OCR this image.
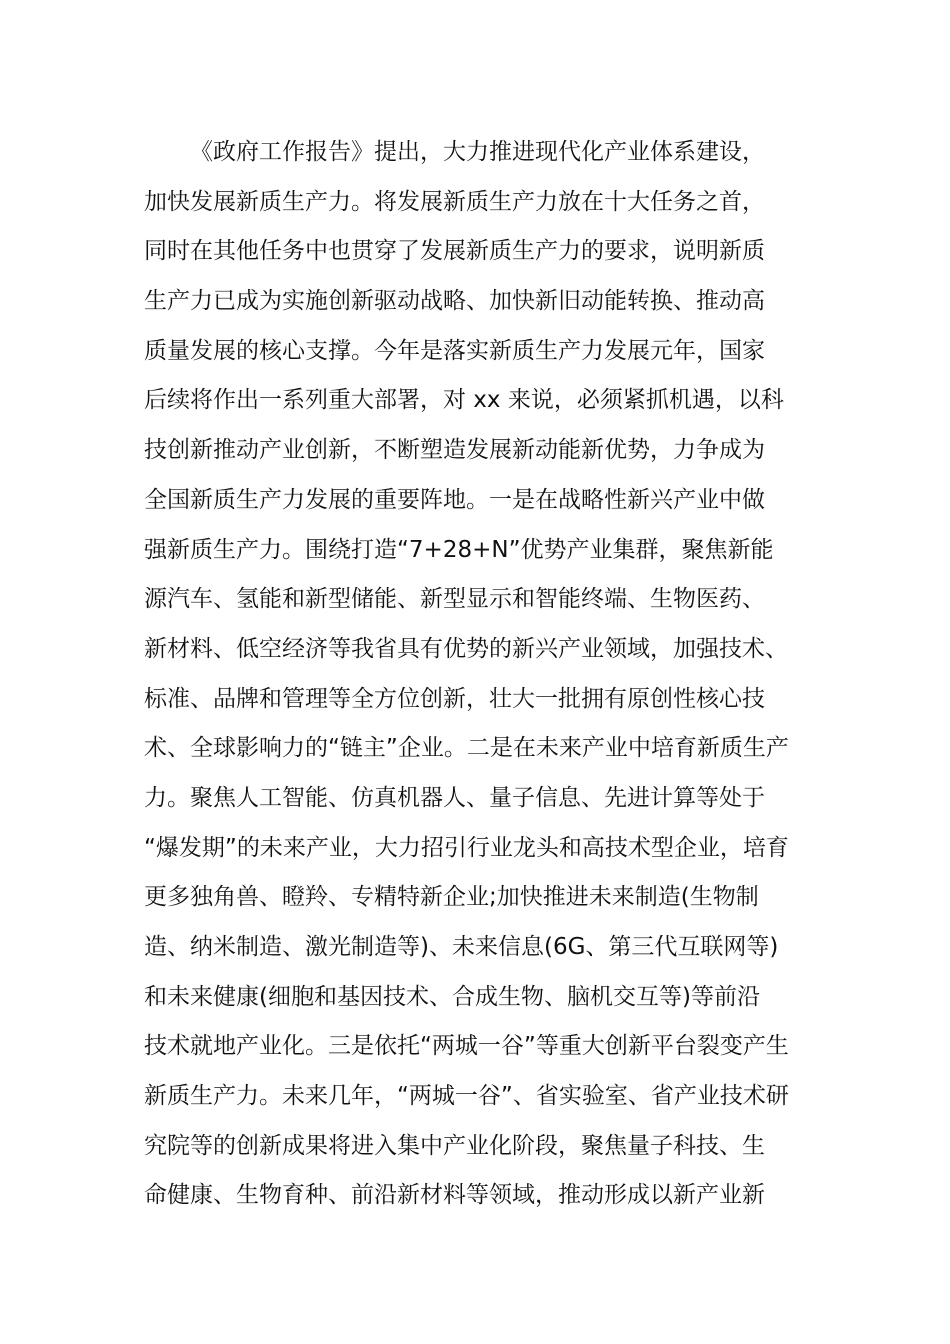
《政府工作报告》提出，大力推进现代化产业体系建设，
加快发展新质生产力。将发展新质生产力放在十大任务之首，
同时在其他任务中也贯穿了发展新质生产力的要求，说明新质
生产力已成为实施创新驱动战略、加快新旧动能转换、推动高
质量发展的核心支撑。今年是落实新质生产力发展元年，国家
后续将作出一系列重大部署，对 xx 来说，必须紧抓机遇，以科
技创新推动产业创新，不断塑造发展新动能新优势，力争成为
全国新质生产力发展的重要阵地。一是在战略性新兴产业中做
强新质生产力。围绕打造“7+28+N”优势产业集群，聚焦新能
源汽车、氢能和新型储能、新型显示和智能终端、生物医药、
新材料、低空经济等我省具有优势的新兴产业领域，加强技术、
标准、品牌和管理等全方位创新，壮大一批拥有原创性核心技
术、全球影响力的“链主”企业。二是在未来产业中培育新质生产
力。聚焦人工智能、仿真机器人、量子信息、先进计算等处于
“爆发期”的未来产业，大力招引行业龙头和高技术型企业，培育
更多独角兽、瞪羚、专精特新企业;加快推进未来制造(生物制
造、纳米制造、激光制造等)、未来信息(6G、第三代互联网等)
和未来健康(细胞和基因技术、合成生物、脑机交互等)等前沿
技术就地产业化。三是依托“两城一谷”等重大创新平台裂变产生
新质生产力。未来几年，“两城一谷”、省实验室、省产业技术研
究院等的创新成果将进入集中产业化阶段，聚焦量子科技、生
命健康、生物育种、前沿新材料等领域，推动形成以新产业新
